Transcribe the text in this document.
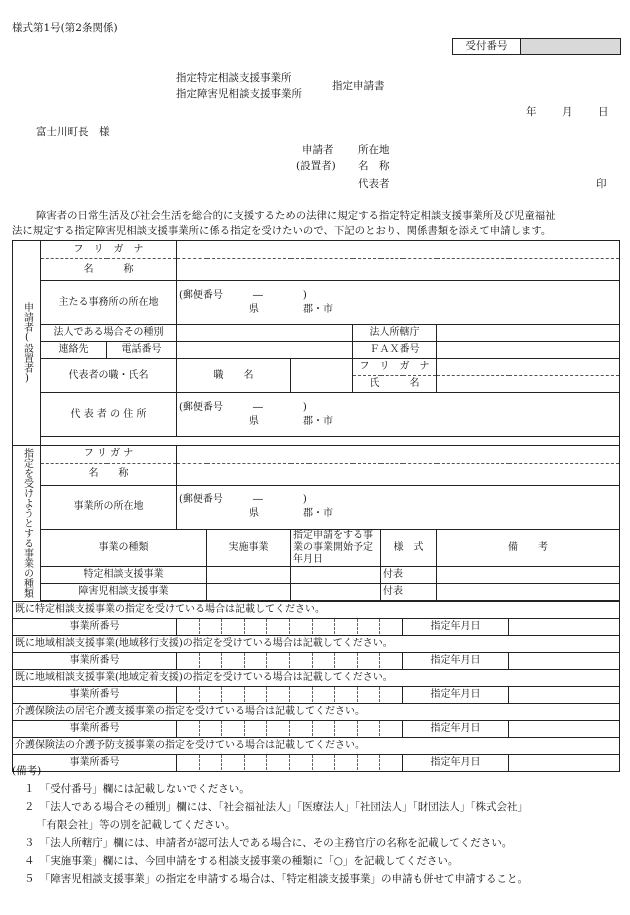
様式第1号(第2条関係)
受付番号
指定特定相談支援事業所
指定障害児相談支援事業所
指定申請書
年 月 日
富士川町長　様
申請者
(設置者)
所在地
名　称
代表者	印
障害者の日常生活及び社会生活を総合的に支援するための法律に規定する指定特定相談支援事業所及び児童福祉
法に規定する指定障害児相談支援事業所に係る指定を受けたいので、下記のとおり、関係書類を添えて申請します。
申請者(設置者)	フ　リ　ガ　ナ									
	名　　　称									
	主たる事務所の所在地		(郵便番号　　　―　　　　)
県 郡・市							

	法人である場合その種別					法人所轄庁				
	連絡先	電話番号				ＦＡＸ番号				
	代表者の職・氏名		職　　名			フ　リ　ガ　ナ				
						氏　　　名				
	代 表 者 の 住 所		(郵便番号　　　―　　　　)
県 郡・市							

指定を受けようとする事業の種類	フ リ ガ ナ									
	名　　称									
	事業所の所在地		(郵便番号　　　―　　　　)
県 郡・市							

	事業の種類			実施事業	指定申請をする事業の事業開始予定年月日		様　式		備　　考	
	特定相談支援事業						付表			
	障害児相談支援事業						付表			

既に特定相談支援事業の指定を受けている場合は記載してください。										
事業所番号								指定年月日		
既に地域相談支援事業(地域移行支援)の指定を受けている場合は記載してください。										
事業所番号								指定年月日		
既に地域相談支援事業(地域定着支援)の指定を受けている場合は記載してください。										
事業所番号								指定年月日		
介護保険法の居宅介護支援事業の指定を受けている場合は記載してください。										
事業所番号								指定年月日		
介護保険法の介護予防支援事業の指定を受けている場合は記載してください。										
事業所番号								指定年月日		
(備考)
１　「受付番号」欄には記載しないでください。
２　「法人である場合その種別」欄には、「社会福祉法人」「医療法人」「社団法人」「財団法人」「株式会社」
「有限会社」等の別を記載してください。
３　「法人所轄庁」欄には、申請者が認可法人である場合に、その主務官庁の名称を記載してください。
４　「実施事業」欄には、今回申請をする相談支援事業の種類に「○」を記載してください。
５　「障害児相談支援事業」の指定を申請する場合は、「特定相談支援事業」の申請も併せて申請すること。
